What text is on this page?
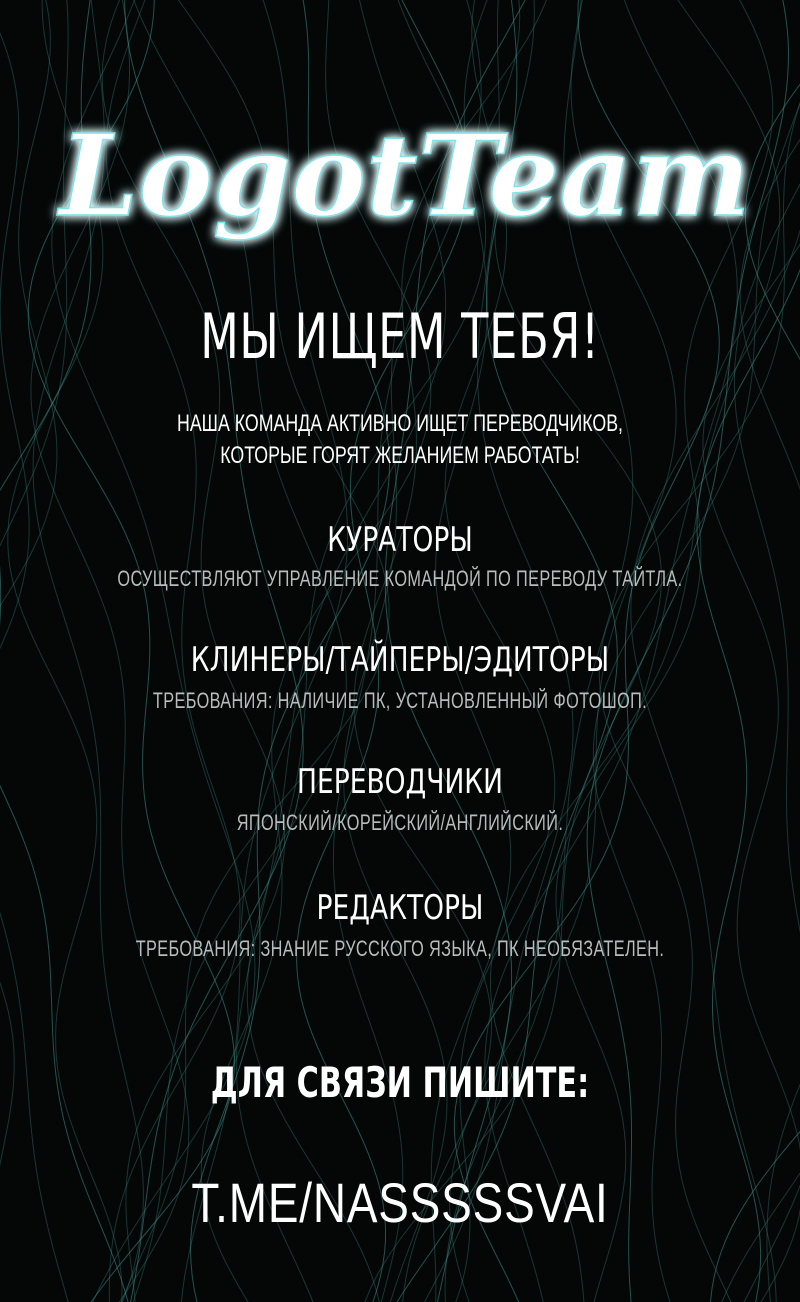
LogotTeam
МЫ ИЩЕМ ТЕБЯ!
НАША КОМАНДА АКТИВНО ИЩЕТ ПЕРЕВОДЧИКОВ,
КОТОРЫЕ ГОРЯТ ЖЕЛАНИЕМ РАБОТАТЬ!
КУРАТОРЫ
ОСУЩЕСТВЛЯЮТ УПРАВЛЕНИЕ КОМАНДОЙ ПО ПЕРЕВОДУ ТАЙТЛА.
КЛИНЕРЫ/ТАЙПЕРЫ/ЭДИТОРЫ
ТРЕБОВАНИЯ: НАЛИЧИЕ ПК, УСТАНОВЛЕННЫЙ ФОТОШОП.
ПЕРЕВОДЧИКИ
ЯПОНСКИЙ/КОРЕЙСКИЙ/АНГЛИЙСКИЙ.
РЕДАКТОРЫ
ТРЕБОВАНИЯ: ЗНАНИЕ РУССКОГО ЯЗЫКА, ПК НЕОБЯЗАТЕЛЕН.
ДЛЯ СВЯЗИ ПИШИТЕ:
T.ME/NASSSSSVAI
